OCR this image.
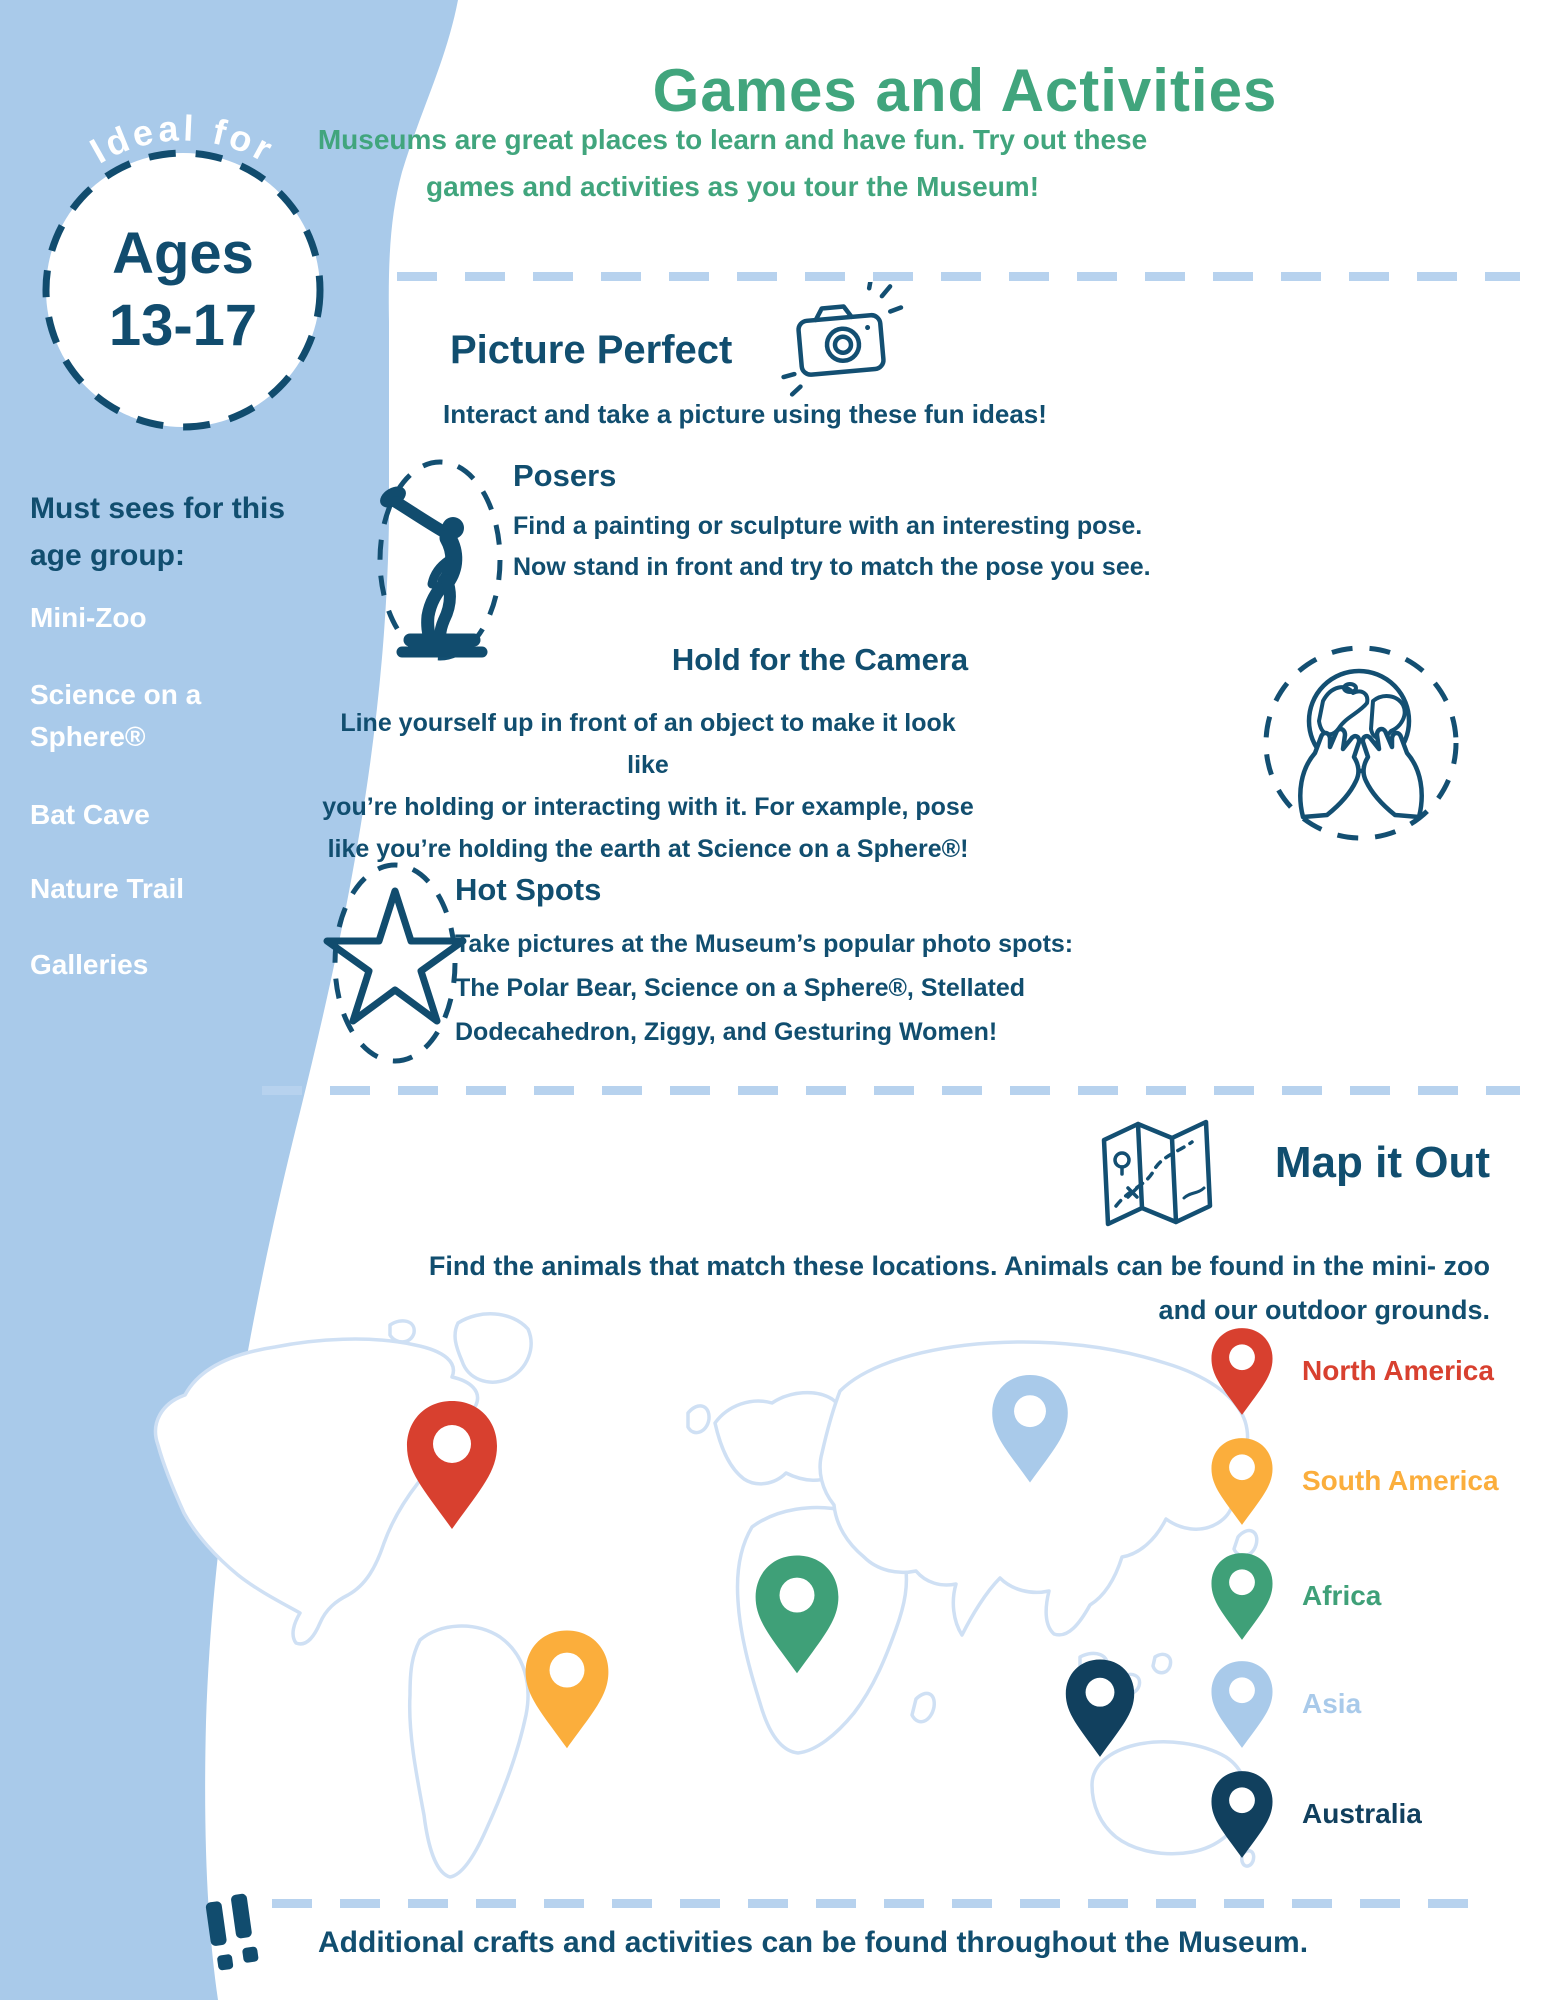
Ideal for
Ages
13-17
Must sees for this
age group:
Mini-Zoo
Science on a Sphere®
Bat Cave
Nature Trail
Galleries
Games and Activities
Museums are great places to learn and have fun. Try out these
games and activities as you tour the Museum!
Picture Perfect
Interact and take a picture using these fun ideas!
Posers
Find a painting or sculpture with an interesting pose.
Now stand in front and try to match the pose you see.
Hold for the Camera
Line yourself up in front of an object to make it look like
you’re holding or interacting with it. For example, pose
like you’re holding the earth at Science on a Sphere®!
Hot Spots
Take pictures at the Museum’s popular photo spots:
The Polar Bear, Science on a Sphere®, Stellated
Dodecahedron, Ziggy, and Gesturing Women!
Map it Out
Find the animals that match these locations. Animals can be found in the mini- zoo
and our outdoor grounds.
North America
South America
Africa
Asia
Australia
Additional crafts and activities can be found throughout the Museum.
